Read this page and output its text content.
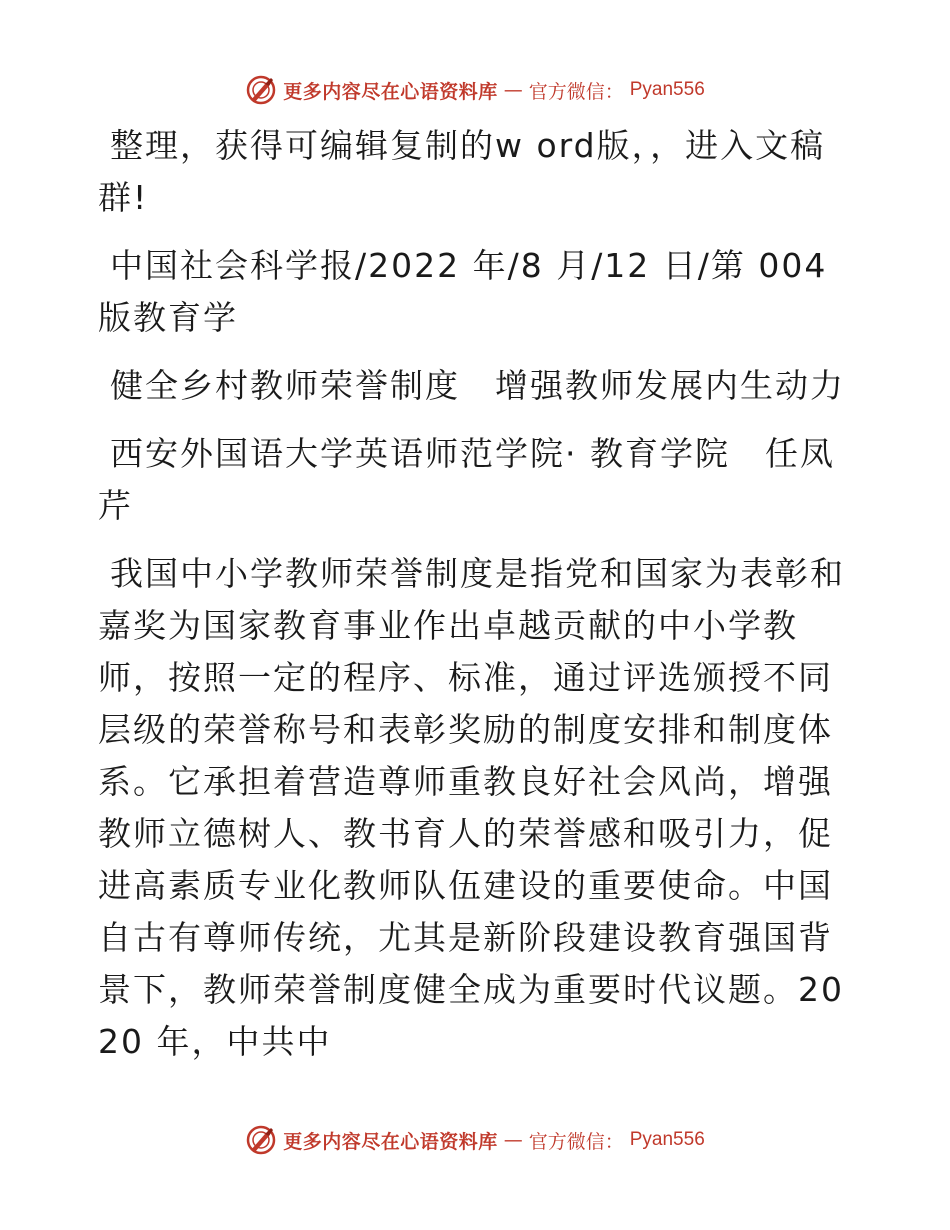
更多内容尽在心语资料库 — 官方微信： Pyan556

整理，获得可编辑复制的w ord版，，进入文稿群!

中国社会科学报/2022 年/8 月/12 日/第 004 版教育学

健全乡村教师荣誉制度　增强教师发展内生动力

西安外国语大学英语师范学院· 教育学院　任凤芹

我国中小学教师荣誉制度是指党和国家为表彰和嘉奖为国家教育事业作出卓越贡献的中小学教师，按照一定的程序、标准，通过评选颁授不同层级的荣誉称号和表彰奖励的制度安排和制度体系。它承担着营造尊师重教良好社会风尚，增强教师立德树人、教书育人的荣誉感和吸引力，促进高素质专业化教师队伍建设的重要使命。中国自古有尊师传统，尤其是新阶段建设教育强国背景下，教师荣誉制度健全成为重要时代议题。2020 年，中共中

更多内容尽在心语资料库 — 官方微信： Pyan556
